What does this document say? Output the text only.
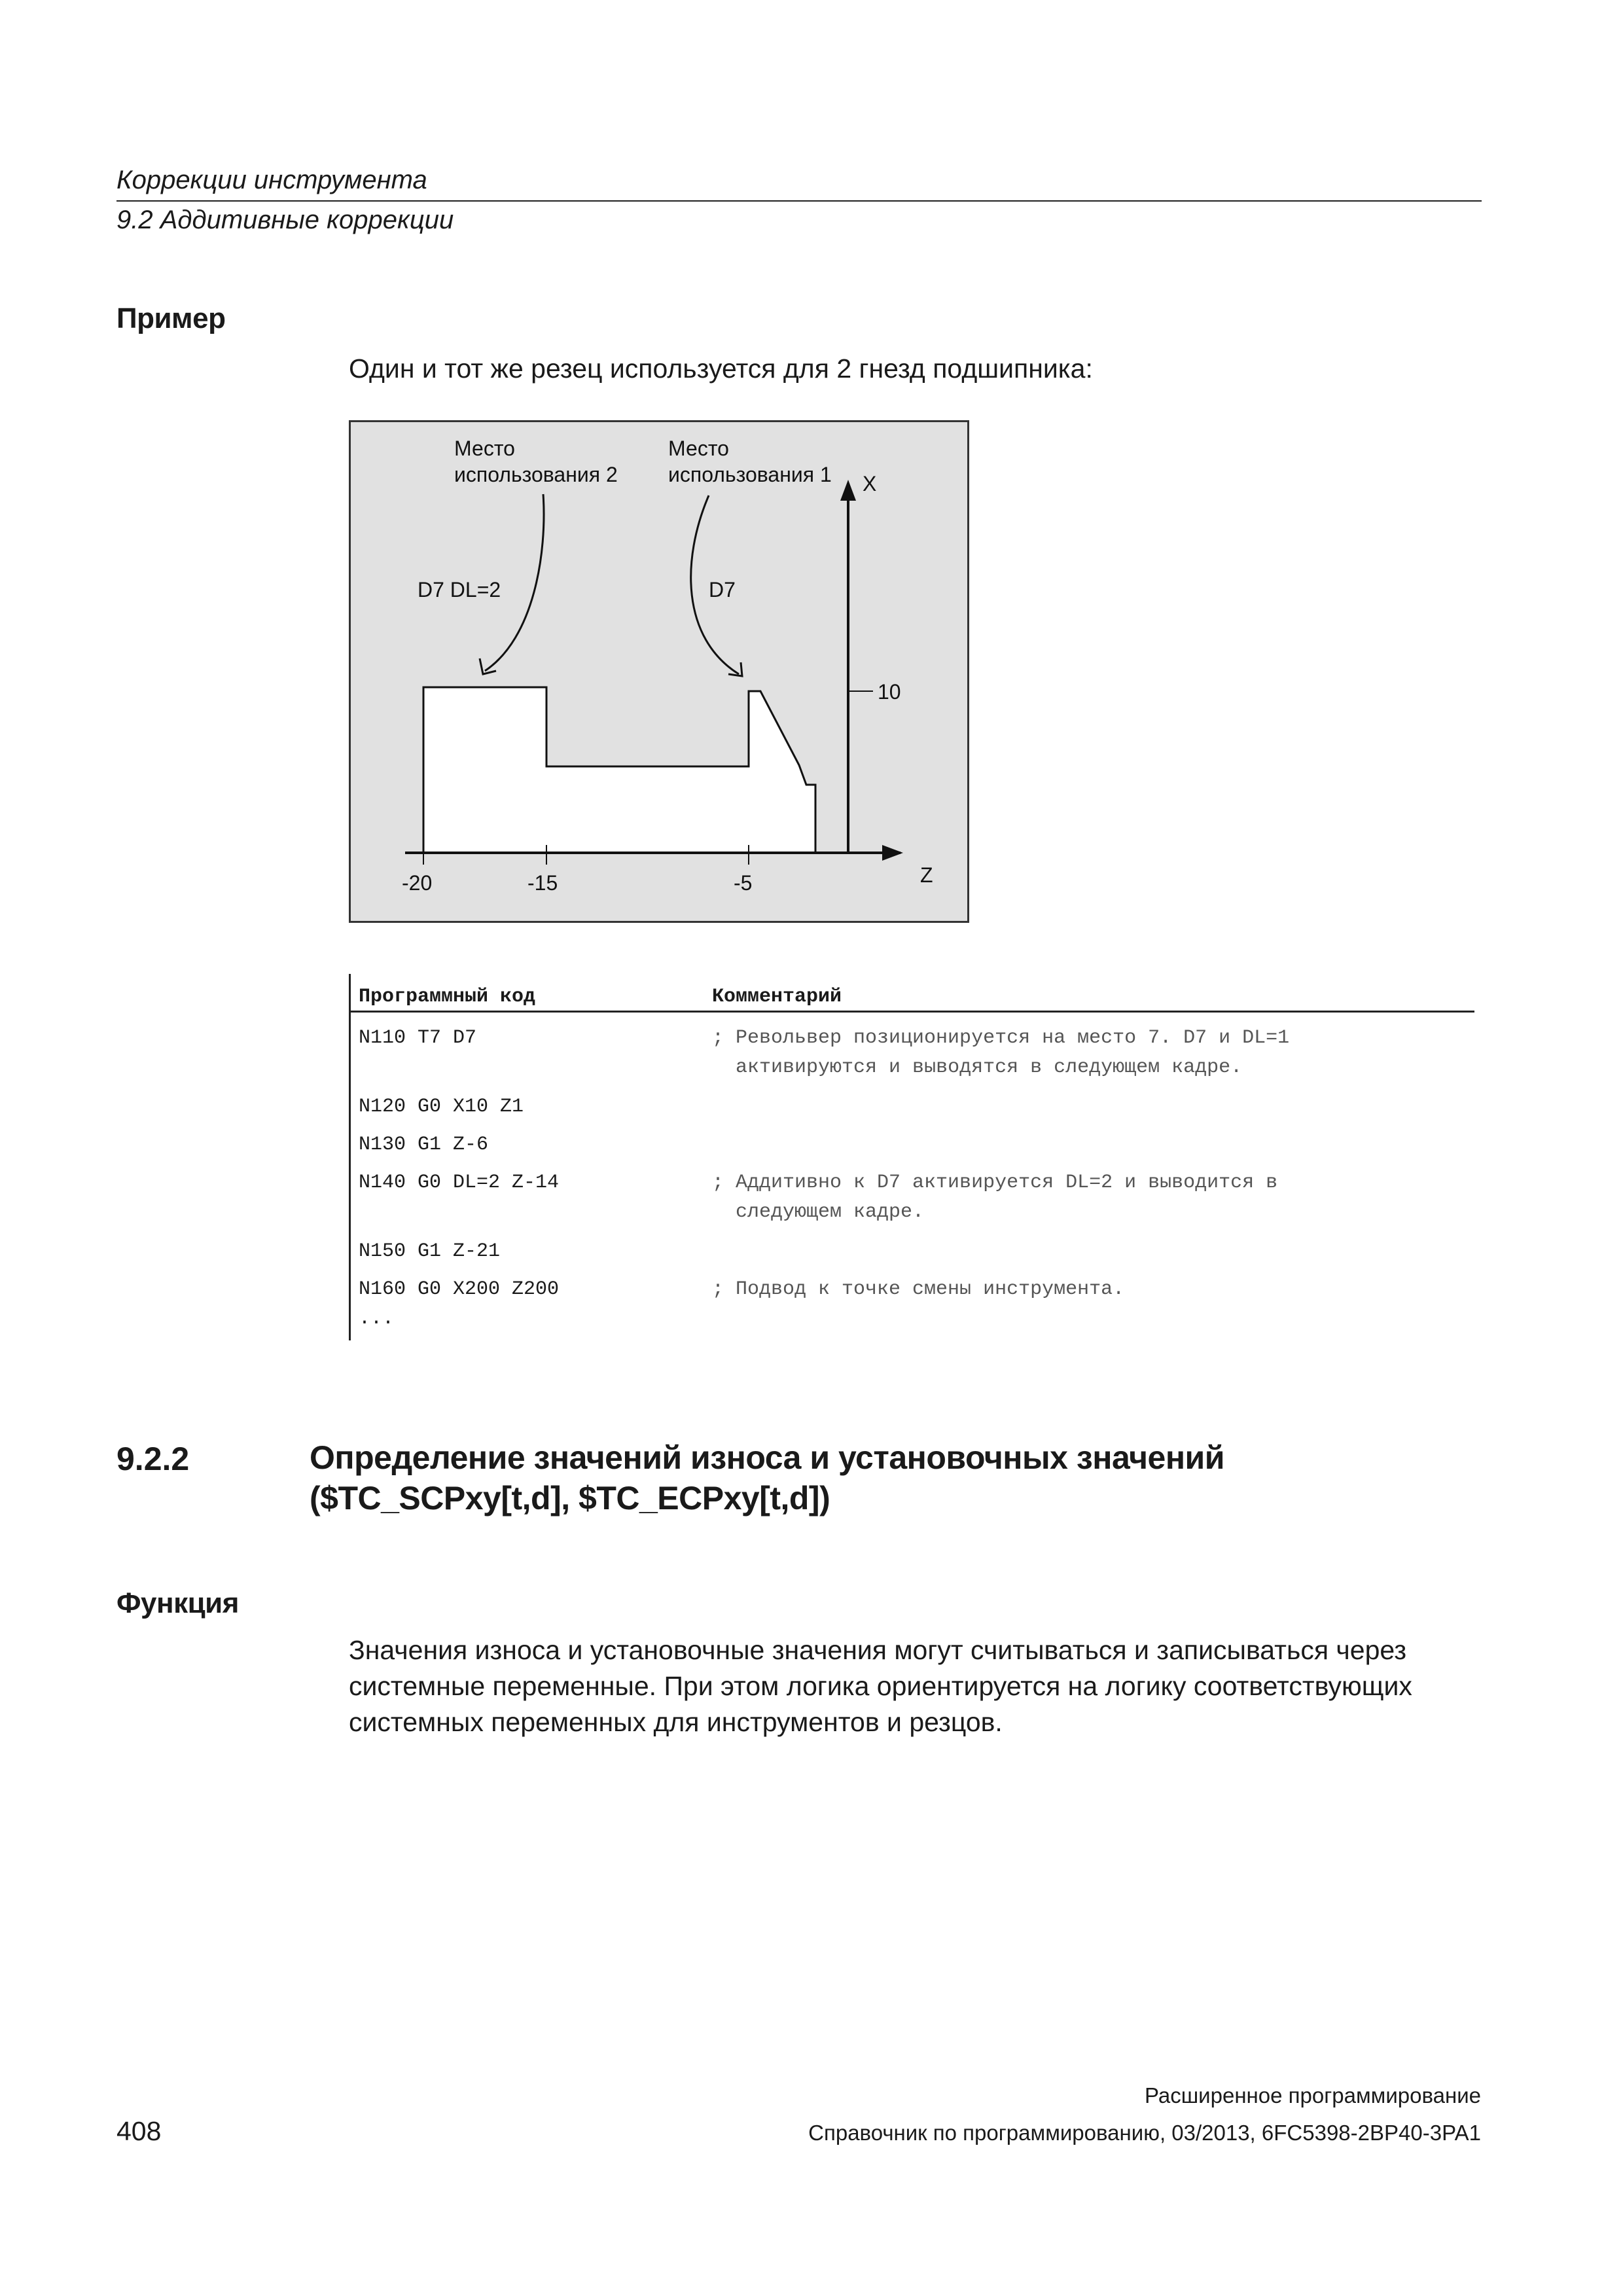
Коррекции инструмента
9.2 Аддитивные коррекции
Пример
Один и тот же резец используется для 2 гнезд подшипника:
Место
использования 2
Место
использования 1
D7 DL=2	D7
X
Z
10
-20	-15	-5
Программный код	Комментарий
N110 T7 D7	; Револьвер позиционируется на место 7. D7 и DL=1
активируются и выводятся в следующем кадре.
N120 G0 X10 Z1
N130 G1 Z-6
N140 G0 DL=2 Z-14	; Аддитивно к D7 активируется DL=2 и выводится в
следующем кадре.
N150 G1 Z-21
N160 G0 X200 Z200	; Подвод к точке смены инструмента.
...
9.2.2	Определение значений износа и установочных значений ($TC_SCPxy[t,d], $TC_ECPxy[t,d])
Функция
Значения износа и установочные значения могут считываться и записываться через системные переменные. При этом логика ориентируется на логику соответствующих системных переменных для инструментов и резцов.
Расширенное программирование
408	Справочник по программированию, 03/2013, 6FC5398-2BP40-3PA1
